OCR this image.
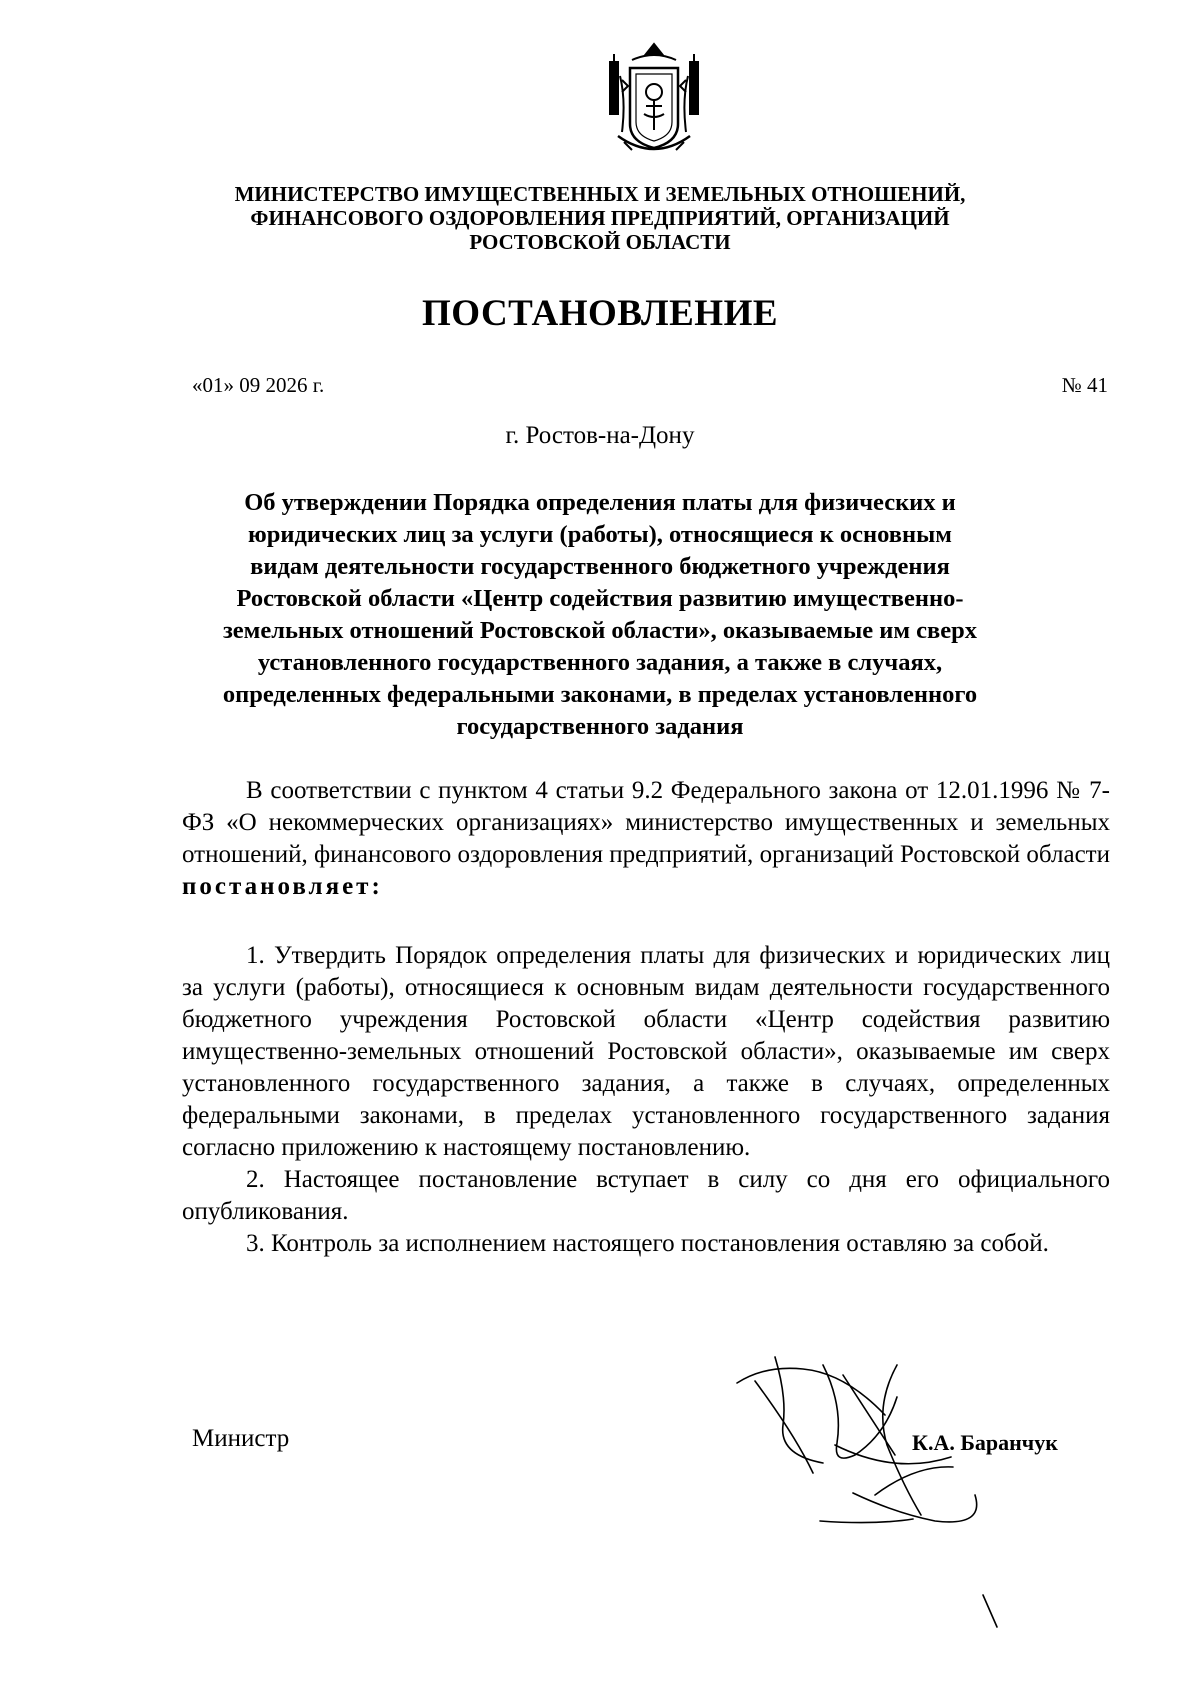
МИНИСТЕРСТВО ИМУЩЕСТВЕННЫХ И ЗЕМЕЛЬНЫХ ОТНОШЕНИЙ,
ФИНАНСОВОГО ОЗДОРОВЛЕНИЯ ПРЕДПРИЯТИЙ, ОРГАНИЗАЦИЙ
РОСТОВСКОЙ ОБЛАСТИ
ПОСТАНОВЛЕНИЕ
«01» 09 2026 г.	№ 41
г. Ростов-на-Дону
Об утверждении Порядка определения платы для физических и
юридических лиц за услуги (работы), относящиеся к основным
видам деятельности государственного бюджетного учреждения
Ростовской области «Центр содействия развитию имущественно-
земельных отношений Ростовской области», оказываемые им сверх
установленного государственного задания, а также в случаях,
определенных федеральными законами, в пределах установленного
государственного задания

В соответствии с пунктом 4 статьи 9.2 Федерального закона от 12.01.1996 № 7-ФЗ «О некоммерческих организациях» министерство имущественных и земельных отношений, финансового оздоровления предприятий, организаций Ростовской области постановляет:

1. Утвердить Порядок определения платы для физических и юридических лиц за услуги (работы), относящиеся к основным видам деятельности государственного бюджетного учреждения Ростовской области «Центр содействия развитию имущественно-земельных отношений Ростовской области», оказываемые им сверх установленного государственного задания, а также в случаях, определенных федеральными законами, в пределах установленного государственного задания согласно приложению к настоящему постановлению.

2. Настоящее постановление вступает в силу со дня его официального опубликования.

3. Контроль за исполнением настоящего постановления оставляю за собой.

Министр	К.А. Баранчук
